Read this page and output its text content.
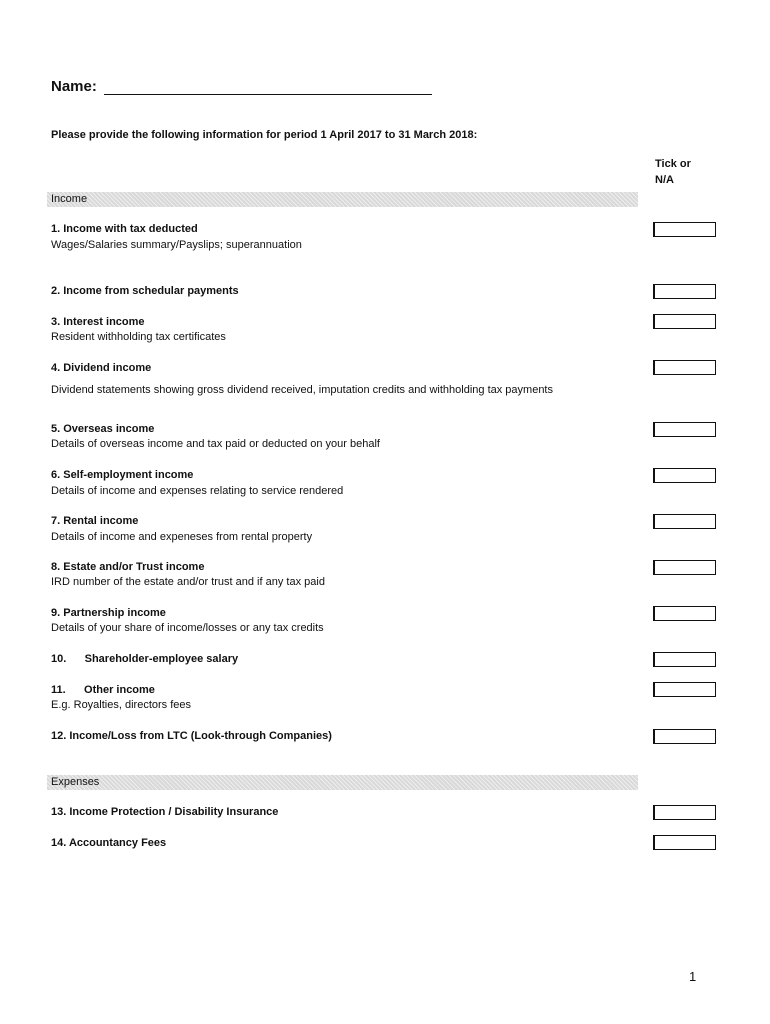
Name:
Please provide the following information for period 1 April 2017 to 31 March 2018:
Tick or
N/A
Income
1. Income with tax deducted
Wages/Salaries summary/Payslips; superannuation
2. Income from schedular payments
3. Interest income
Resident withholding tax certificates
4. Dividend income
Dividend statements showing gross dividend received, imputation credits and withholding tax payments
5. Overseas income
Details of overseas income and tax paid or deducted on your behalf
6. Self-employment income
Details of income and expenses relating to service rendered
7. Rental income
Details of income and expeneses from rental property
8. Estate and/or Trust income
IRD number of the estate and/or trust and if any tax paid
9. Partnership income
Details of your share of income/losses or any tax credits
10.      Shareholder-employee salary
11.      Other income
E.g. Royalties, directors fees
12. Income/Loss from LTC (Look-through Companies)
Expenses
13. Income Protection / Disability Insurance
14. Accountancy Fees
1
